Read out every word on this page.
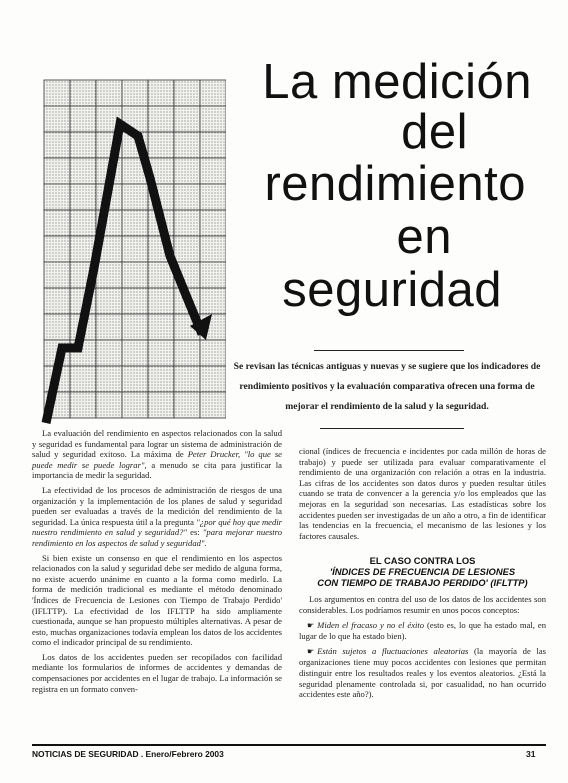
La medición
del
rendimiento
en
seguridad
Se revisan las técnicas antiguas y nuevas y se sugiere que los indicadores de rendimiento positivos y la evaluación comparativa ofrecen una forma de mejorar el rendimiento de la salud y la seguridad.

La evaluación del rendimiento en aspectos relacionados con la salud y seguridad es fundamental para lograr un sistema de administración de salud y seguridad exitoso. La máxima de Peter Drucker, "lo que se puede medir se puede lograr", a menudo se cita para justificar la importancia de medir la seguridad.

La efectividad de los procesos de administración de riesgos de una organización y la implementación de los planes de salud y seguridad pueden ser evaluadas a través de la medición del rendimiento de la seguridad. La única respuesta útil a la pregunta "¿por qué hoy que medir nuestro rendimiento en salud y seguridad?" es: "para mejorar nuestro rendimiento en los aspectos de salud y seguridad".

Si bien existe un consenso en que el rendimiento en los aspectos relacionados con la salud y seguridad debe ser medido de alguna forma, no existe acuerdo unánime en cuanto a la forma como medirlo. La forma de medición tradicional es mediante el método denominado 'Índices de Frecuencia de Lesiones con Tiempo de Trabajo Perdido' (IFLTTP). La efectividad de los IFLTTP ha sido ampliamente cuestionada, aunque se han propuesto múltiples alternativas. A pesar de esto, muchas organizaciones todavía emplean los datos de los accidentes como el indicador principal de su rendimiento.

Los datos de los accidentes pueden ser recopilados con facilidad mediante los formularios de informes de accidentes y demandas de compensaciones por accidentes en el lugar de trabajo. La información se registra en un formato conven-

cional (índices de frecuencia e incidentes por cada millón de horas de trabajo) y puede ser utilizada para evaluar comparativamente el rendimiento de una organización con relación a otras en la industria. Las cifras de los accidentes son datos duros y pueden resultar útiles cuando se trata de convencer a la gerencia y/o los empleados que las mejoras en la seguridad son necesarias. Las estadísticas sobre los accidentes pueden ser investigadas de un año a otro, a fin de identificar las tendencias en la frecuencia, el mecanismo de las lesiones y los factores causales.

EL CASO CONTRA LOS
'ÍNDICES DE FRECUENCIA DE LESIONES
CON TIEMPO DE TRABAJO PERDIDO' (IFLTTP)

Los argumentos en contra del uso de los datos de los accidentes son considerables. Los podríamos resumir en unos pocos conceptos:

☛ Miden el fracaso y no el éxito (esto es, lo que ha estado mal, en lugar de lo que ha estado bien).

☛ Están sujetos a fluctuaciones aleatorias (la mayoría de las organizaciones tiene muy pocos accidentes con lesiones que permitan distinguir entre los resultados reales y los eventos aleatorios. ¿Está la seguridad plenamente controlada si, por casualidad, no han ocurrido accidentes este año?).

NOTICIAS DE SEGURIDAD . Enero/Febrero 2003	31
